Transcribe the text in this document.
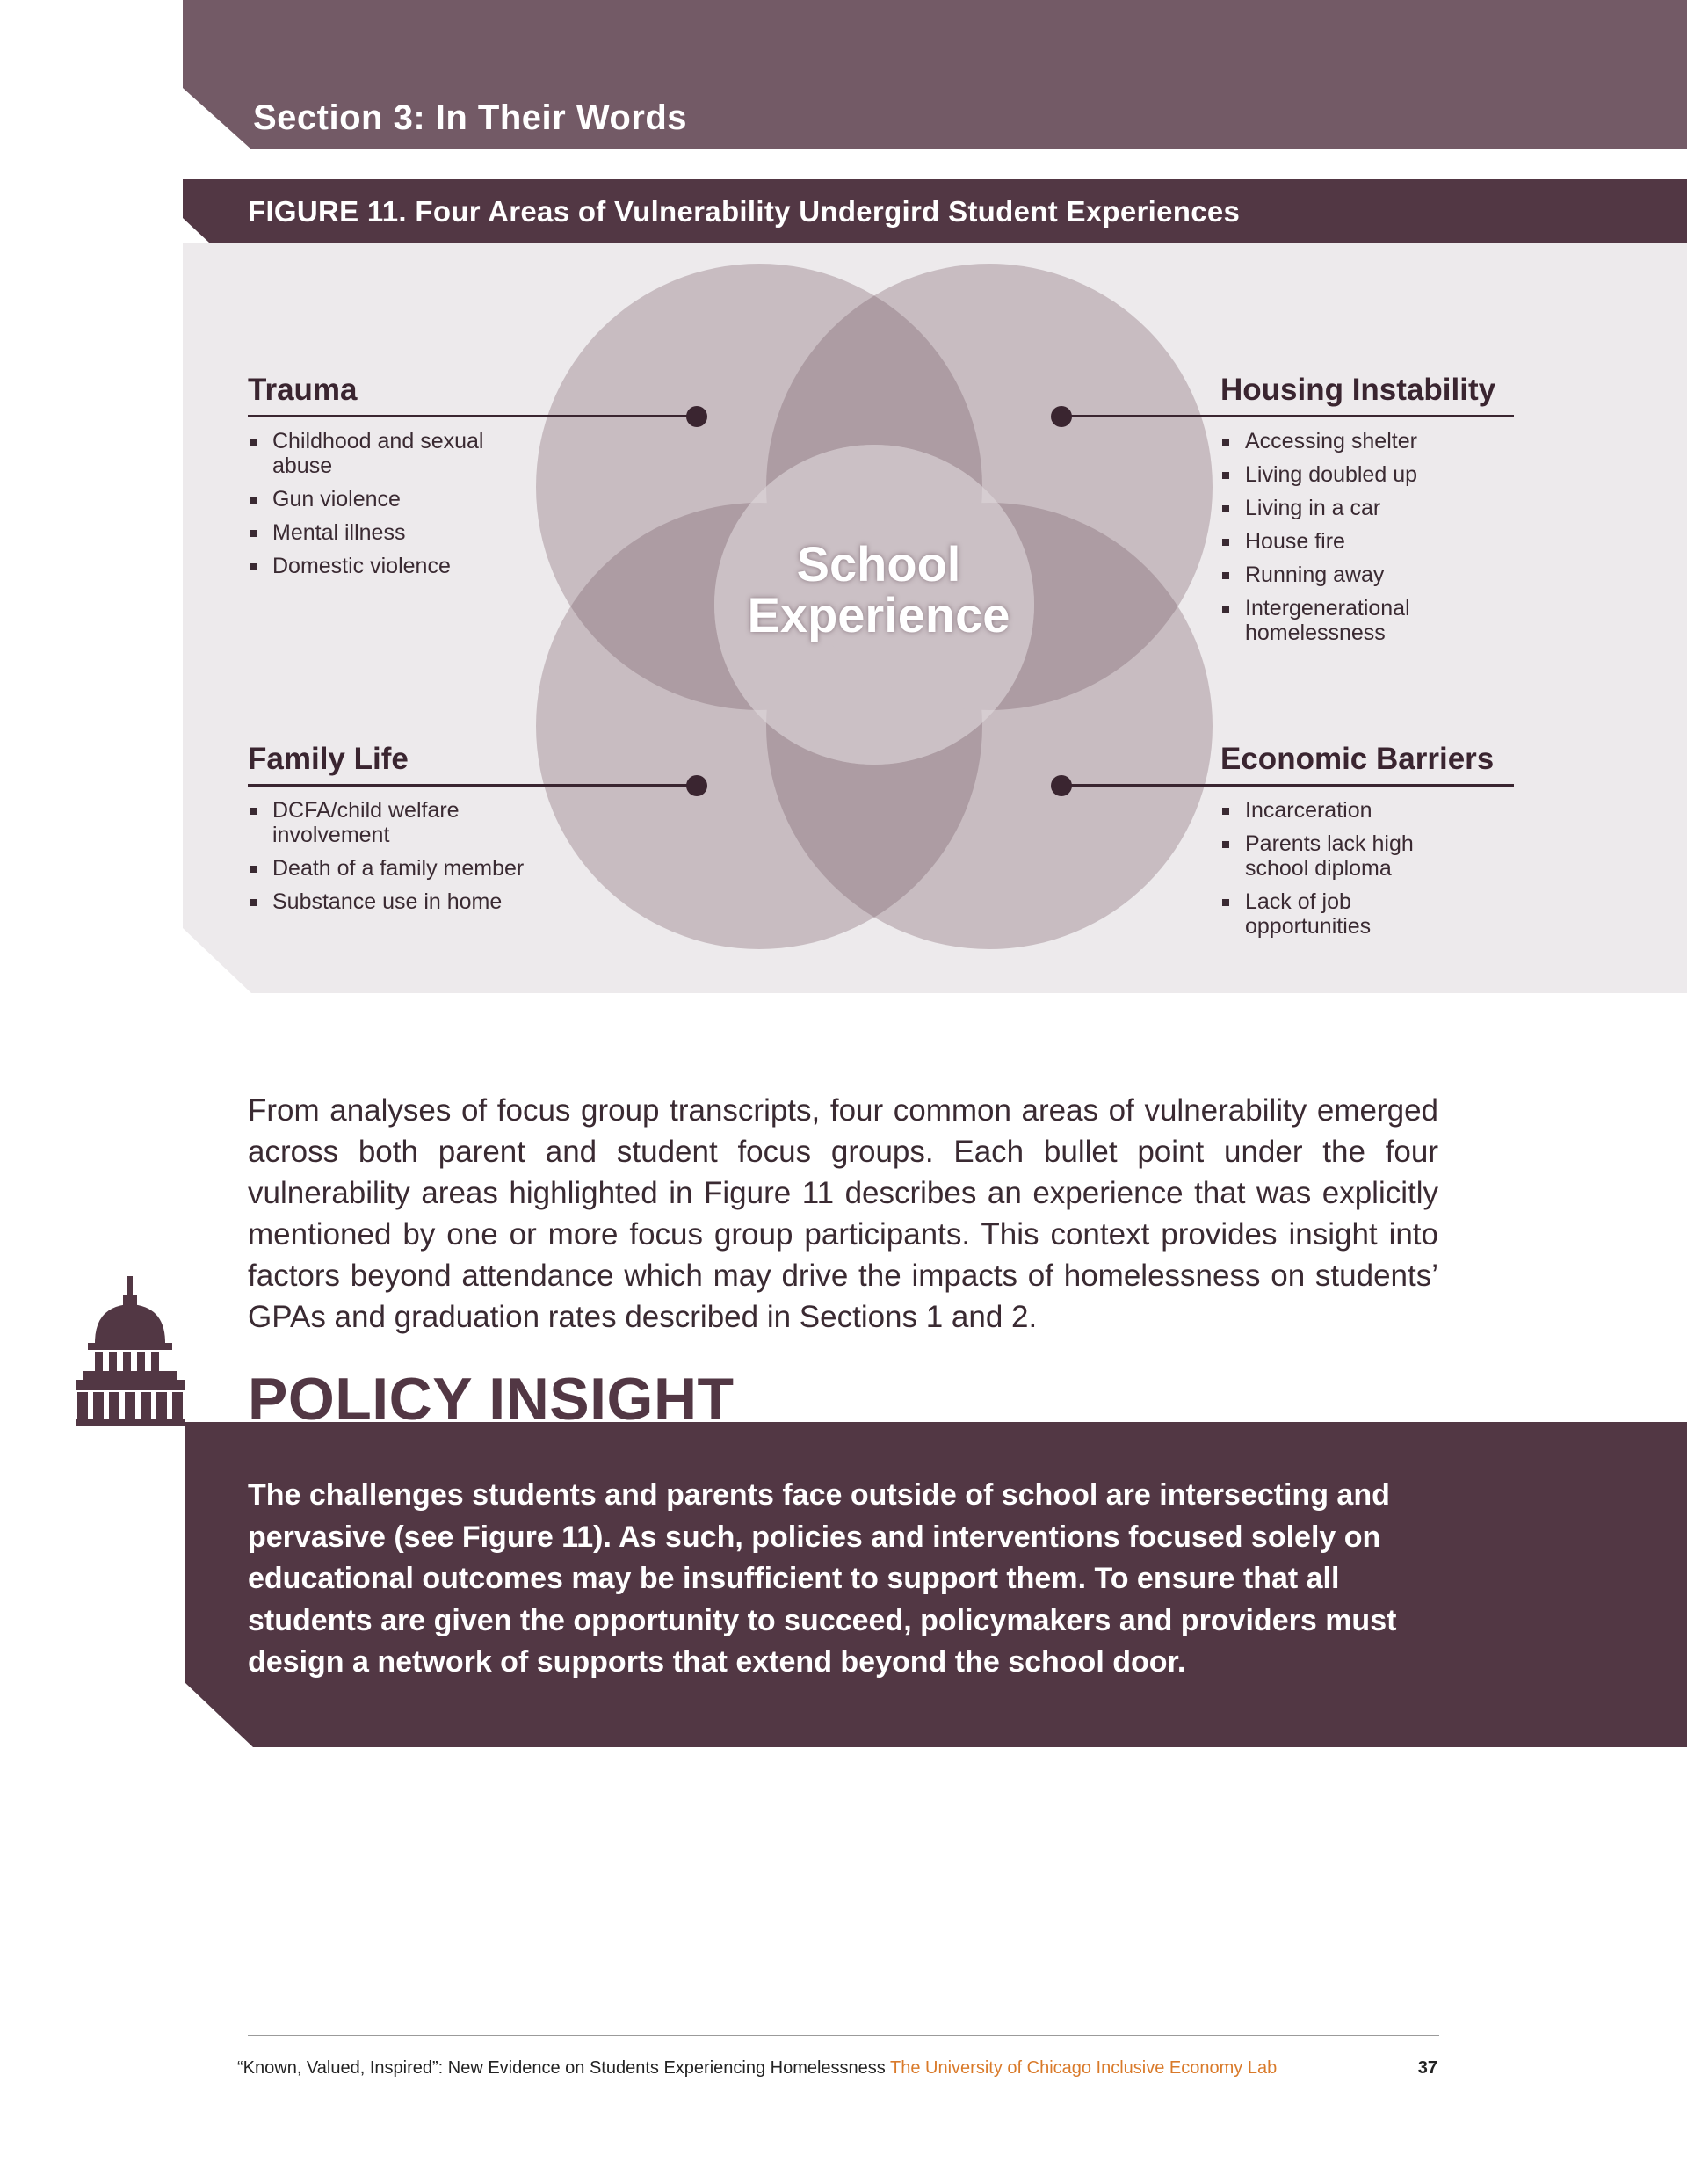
Section 3: In Their Words
FIGURE 11. Four Areas of Vulnerability Undergird Student Experiences
School
Experience
Trauma
Childhood and sexual abuse
Gun violence
Mental illness
Domestic violence
Housing Instability
Accessing shelter
Living doubled up
Living in a car
House fire
Running away
Intergenerational homelessness
Family Life
DCFA/child welfare involvement
Death of a family member
Substance use in home
Economic Barriers
Incarceration
Parents lack high school diploma
Lack of job opportunities

From analyses of focus group transcripts, four common areas of vulnerability emerged across both parent and student focus groups. Each bullet point under the four vulnerability areas highlighted in Figure 11 describes an experience that was explicitly mentioned by one or more focus group participants. This context provides insight into factors beyond attendance which may drive the impacts of homelessness on students’ GPAs and graduation rates described in Sections 1 and 2.

POLICY INSIGHT
The challenges students and parents face outside of school are intersecting and pervasive (see Figure 11). As such, policies and interventions focused solely on educational outcomes may be insufficient to support them. To ensure that all students are given the opportunity to succeed, policymakers and providers must design a network of supports that extend beyond the school door.
“Known, Valued, Inspired”: New Evidence on Students Experiencing Homelessness The University of Chicago Inclusive Economy Lab	37
